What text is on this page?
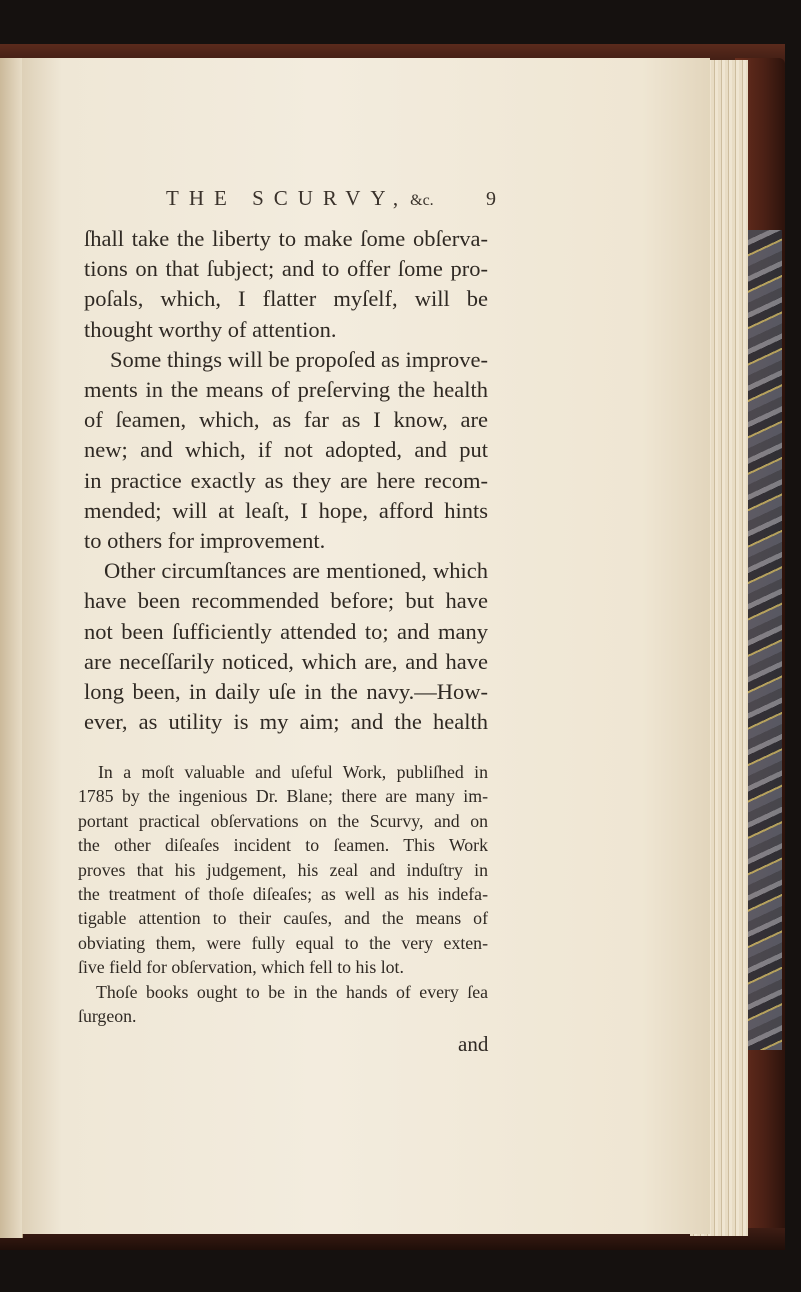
THE SCURVY, &c.	9
ſhall take the liberty to make ſome obſerva-
tions on that ſubject; and to offer ſome pro-
poſals, which, I flatter myſelf, will be
thought worthy of attention.
Some things will be propoſed as improve-
ments in the means of preſerving the health
of ſeamen, which, as far as I know, are
new; and which, if not adopted, and put
in practice exactly as they are here recom-
mended; will at leaſt, I hope, afford hints
to others for improvement.
Other circumſtances are mentioned, which
have been recommended before; but have
not been ſufficiently attended to; and many
are neceſſarily noticed, which are, and have
long been, in daily uſe in the navy.—How-
ever, as utility is my aim; and the health
In a moſt valuable and uſeful Work, publiſhed in
1785 by the ingenious Dr. Blane; there are many im-
portant practical obſervations on the Scurvy, and on
the other diſeaſes incident to ſeamen. This Work
proves that his judgement, his zeal and induſtry in
the treatment of thoſe diſeaſes; as well as his indefa-
tigable attention to their cauſes, and the means of
obviating them, were fully equal to the very exten-
ſive field for obſervation, which fell to his lot.
Thoſe books ought to be in the hands of every ſea
ſurgeon.
and
